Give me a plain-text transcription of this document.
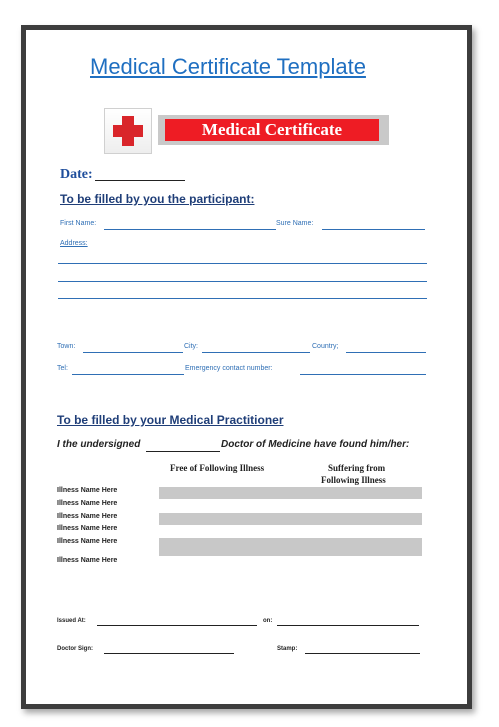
Medical Certificate Template
Medical Certificate
Date:
To be filled by you the participant:
First Name:	Sure Name:
Address:
Town:	City:	Country;
Tel:	Emergency contact number:
To be filled by your Medical Practitioner
I the undersigned	Doctor of Medicine have found him/her:
Free of Following Illness	Suffering from
Following Illness
Illness Name Here
Illness Name Here
Illness Name Here
Illness Name Here
Illness Name Here
Illness Name Here
Issued At:	on:
Doctor Sign:	Stamp:
